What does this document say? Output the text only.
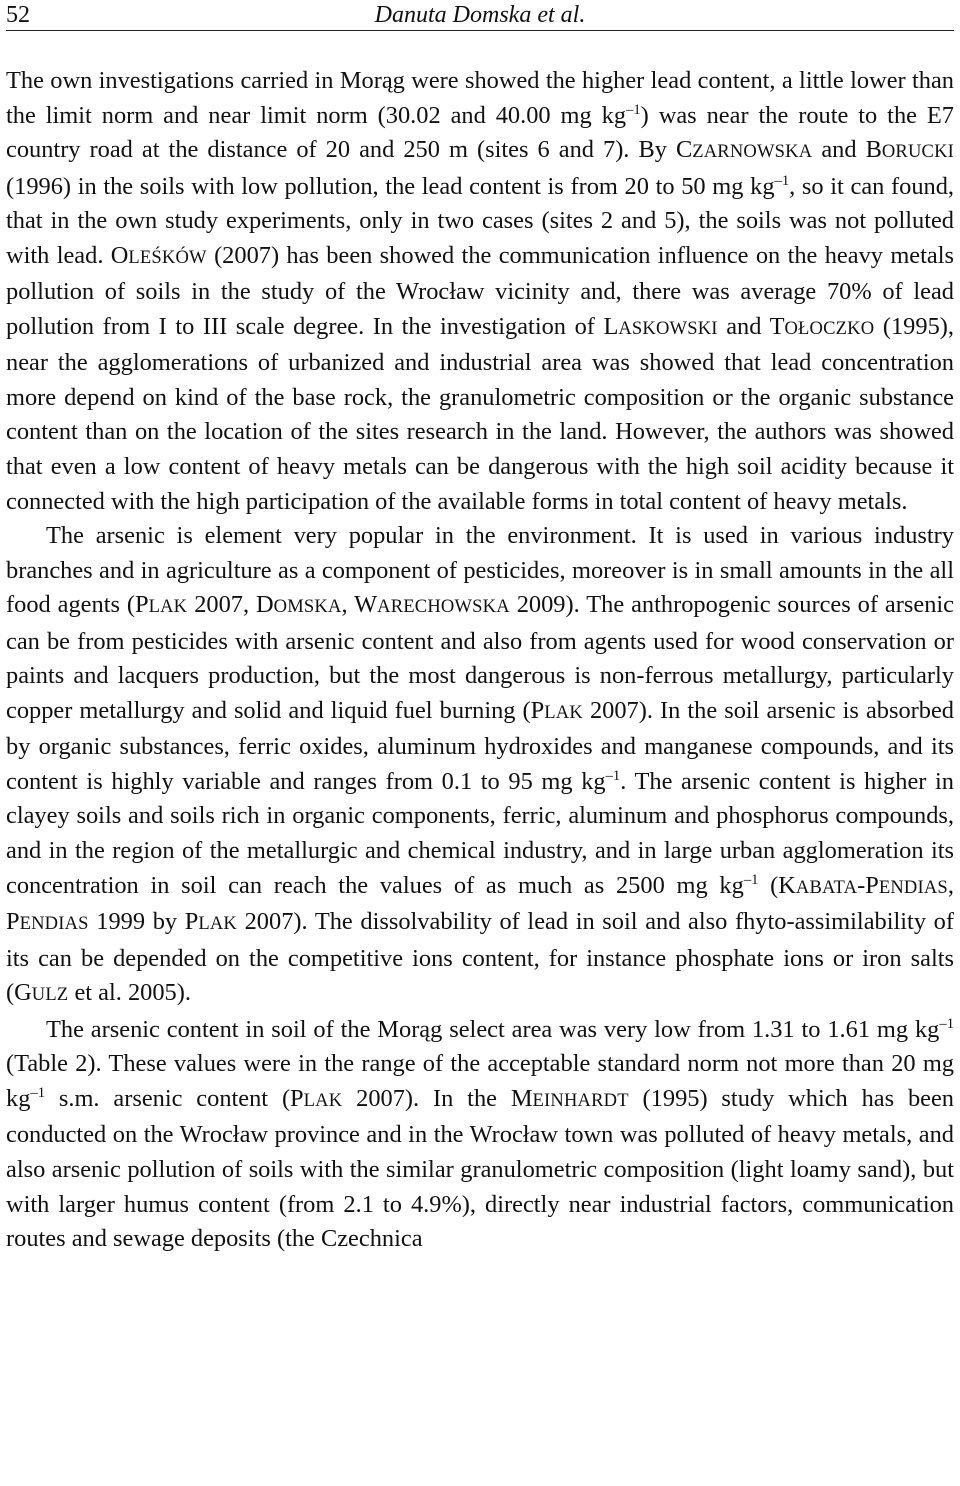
52	Danuta Domska et al.

The own investigations carried in Morąg were showed the higher lead content, a little lower than the limit norm and near limit norm (30.02 and 40.00 mg $kg^{-1}$) was near the route to the E7 country road at the distance of 20 and 250 m (sites 6 and 7). By CZARNOWSKA and BORUCKI (1996) in the soils with low pollution, the lead content is from 20 to 50 mg $kg^{-1}$, so it can found, that in the own study experiments, only in two cases (sites 2 and 5), the soils was not polluted with lead. OLEŚKÓW (2007) has been showed the communication influence on the heavy metals pollution of soils in the study of the Wrocław vicinity and, there was average 70% of lead pollution from I to III scale degree. In the investigation of LASKOWSKI and TOŁOCZKO (1995), near the agglomerations of urbanized and industrial area was showed that lead concentration more depend on kind of the base rock, the granulometric composition or the organic substance content than on the location of the sites research in the land. However, the authors was showed that even a low content of heavy metals can be dangerous with the high soil acidity because it connected with the high participation of the available forms in total content of heavy metals.

The arsenic is element very popular in the environment. It is used in various industry branches and in agriculture as a component of pesticides, moreover is in small amounts in the all food agents (PLAK 2007, DOMSKA, WARECHOWSKA 2009). The anthropogenic sources of arsenic can be from pesticides with arsenic content and also from agents used for wood conservation or paints and lacquers production, but the most dangerous is non-ferrous metallurgy, particularly copper metallurgy and solid and liquid fuel burning (PLAK 2007). In the soil arsenic is absorbed by organic substances, ferric oxides, aluminum hydroxides and manganese compounds, and its content is highly variable and ranges from 0.1 to 95 mg $kg^{-1}$. The arsenic content is higher in clayey soils and soils rich in organic components, ferric, aluminum and phosphorus compounds, and in the region of the metallurgic and chemical industry, and in large urban agglomeration its concentration in soil can reach the values of as much as 2500 mg $kg^{-1}$ (KABATA-PENDIAS, PENDIAS 1999 by PLAK 2007). The dissolvability of lead in soil and also fhyto-assimilability of its can be depended on the competitive ions content, for instance phosphate ions or iron salts (GULZ et al. 2005).

The arsenic content in soil of the Morąg select area was very low from 1.31 to 1.61 mg $kg^{-1}$ (Table 2). These values were in the range of the acceptable standard norm not more than 20 mg $kg^{-1}$ s.m. arsenic content (PLAK 2007). In the MEINHARDT (1995) study which has been conducted on the Wrocław province and in the Wrocław town was polluted of heavy metals, and also arsenic pollution of soils with the similar granulometric composition (light loamy sand), but with larger humus content (from 2.1 to 4.9%), directly near industrial factors, communication routes and sewage deposits (the Czechnica
